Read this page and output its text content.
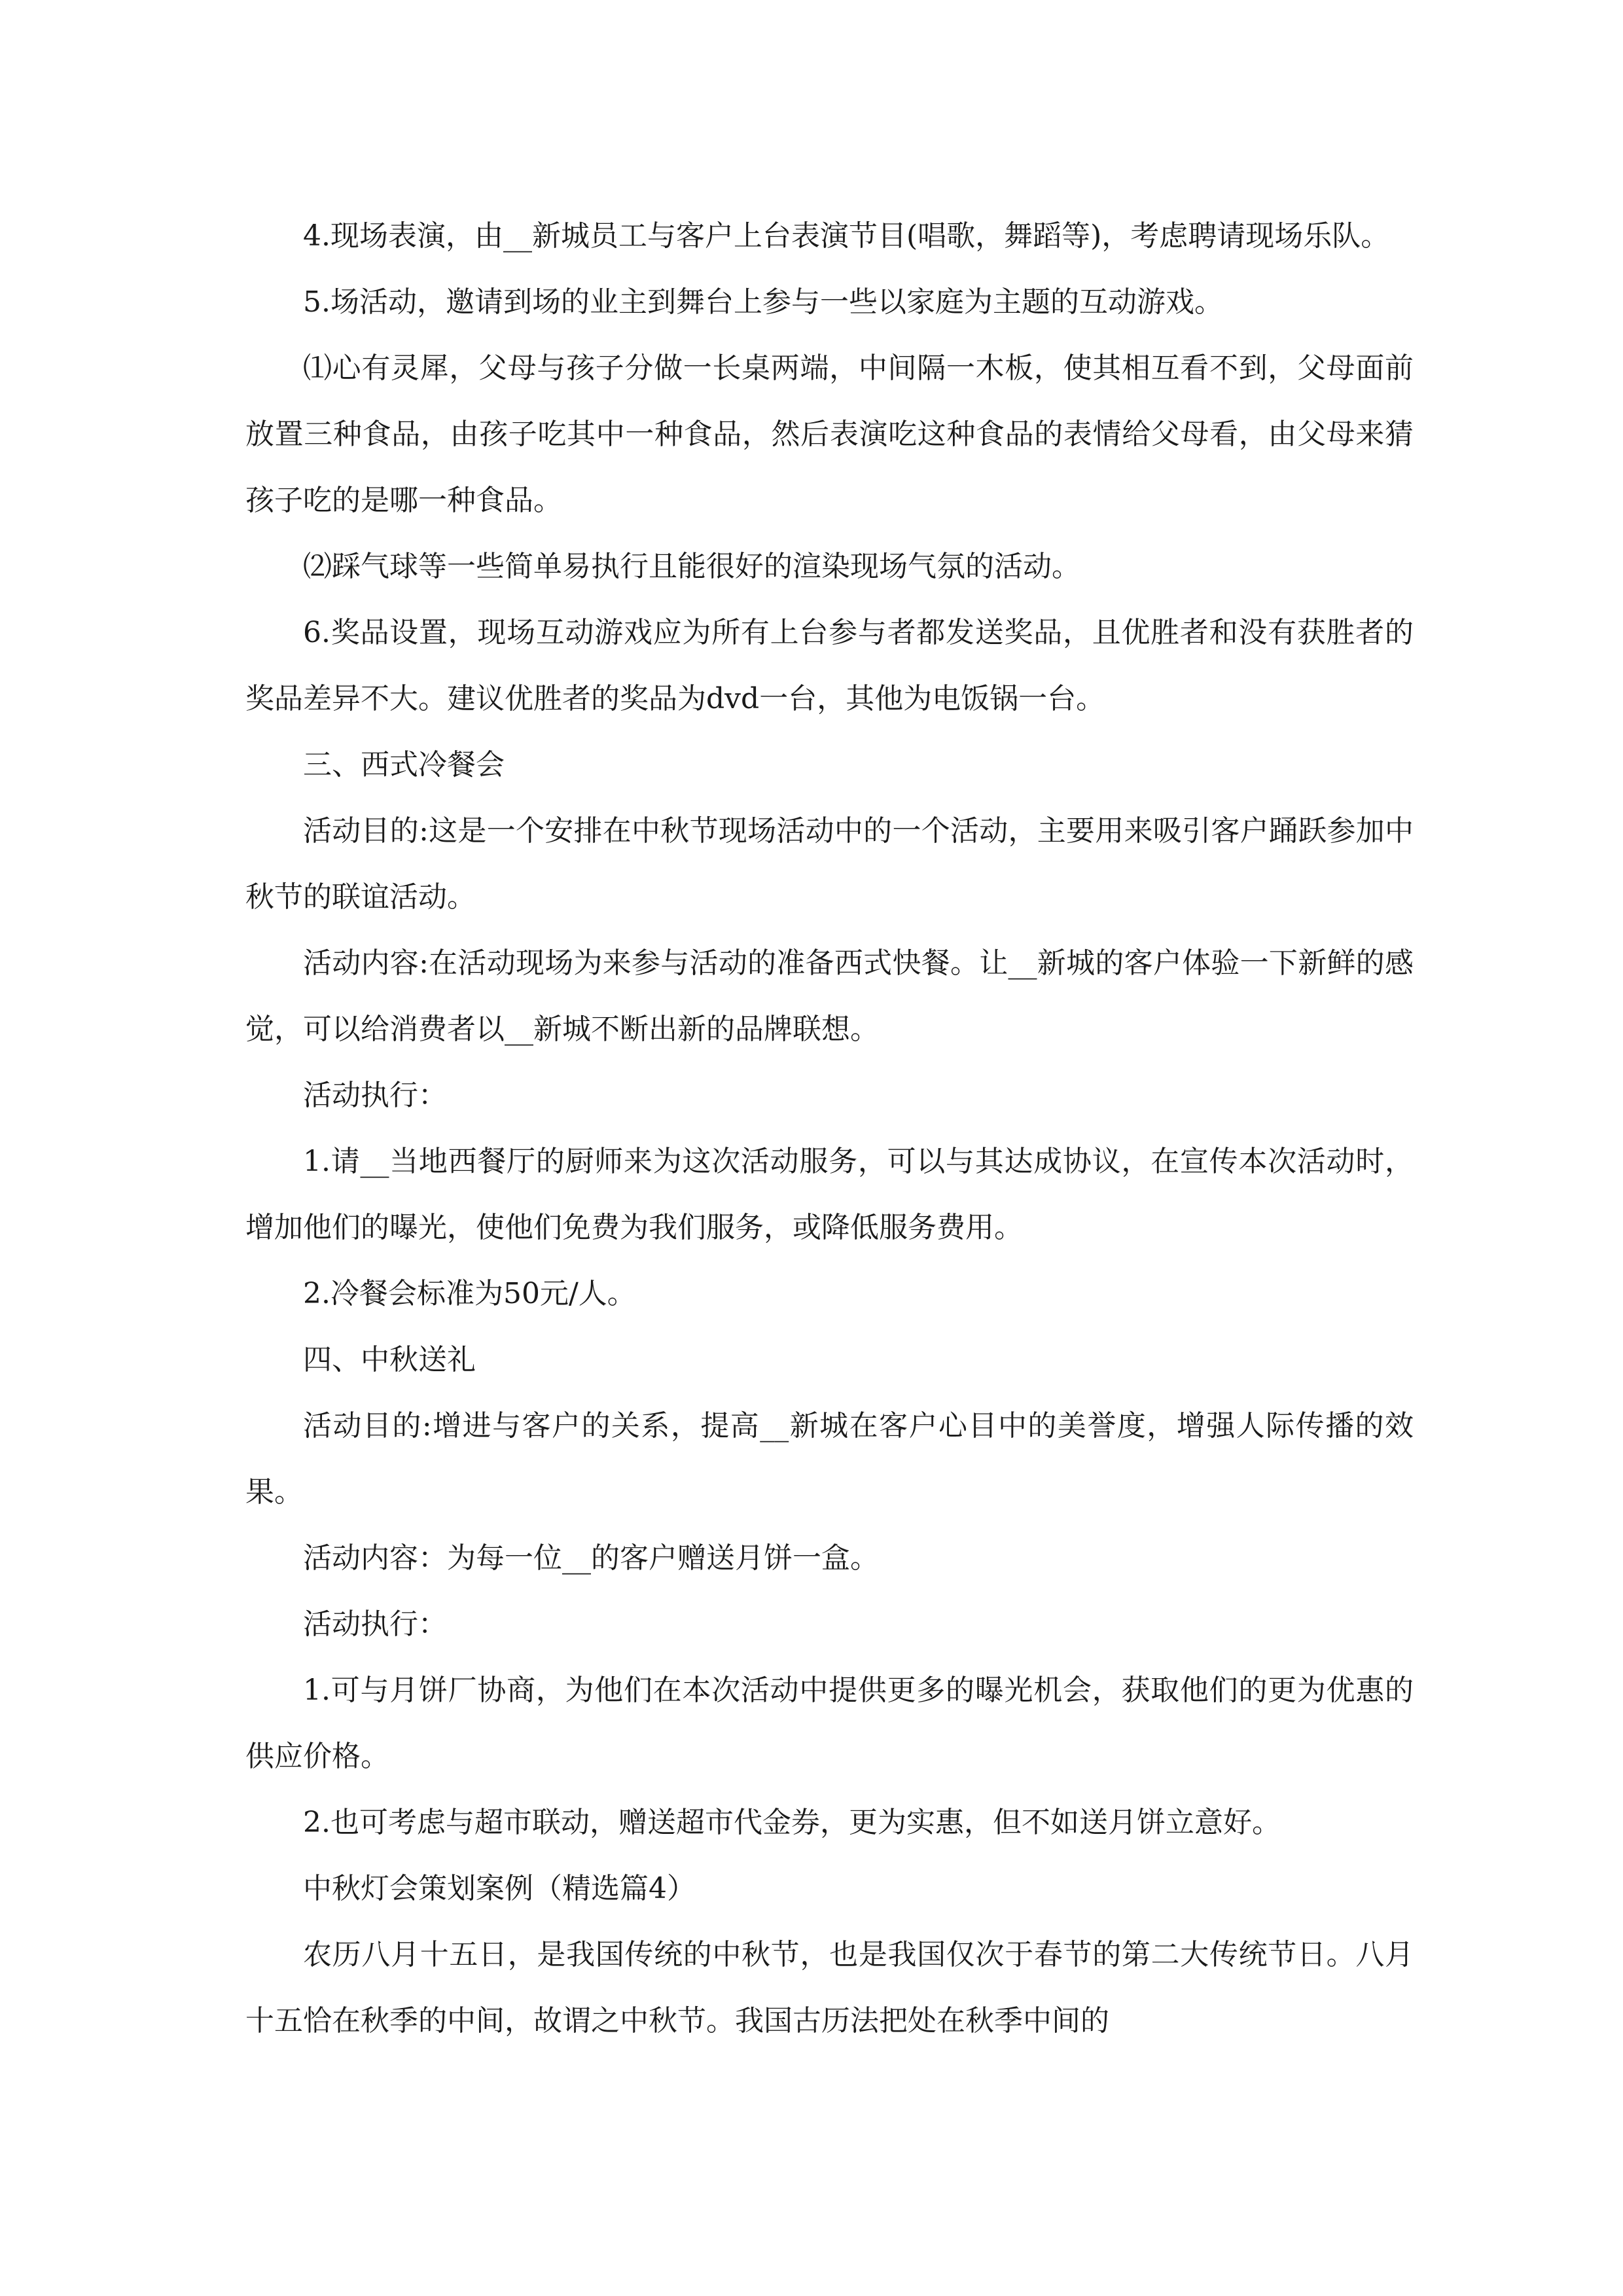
4.现场表演，由__新城员工与客户上台表演节目(唱歌，舞蹈等)，考虑聘请现场乐队。

5.场活动，邀请到场的业主到舞台上参与一些以家庭为主题的互动游戏。

⑴心有灵犀，父母与孩子分做一长桌两端，中间隔一木板，使其相互看不到，父母面前放置三种食品，由孩子吃其中一种食品，然后表演吃这种食品的表情给父母看，由父母来猜孩子吃的是哪一种食品。

⑵踩气球等一些简单易执行且能很好的渲染现场气氛的活动。

6.奖品设置，现场互动游戏应为所有上台参与者都发送奖品，且优胜者和没有获胜者的奖品差异不大。建议优胜者的奖品为dvd一台，其他为电饭锅一台。

三、西式冷餐会

活动目的:这是一个安排在中秋节现场活动中的一个活动，主要用来吸引客户踊跃参加中秋节的联谊活动。

活动内容:在活动现场为来参与活动的准备西式快餐。让__新城的客户体验一下新鲜的感觉，可以给消费者以__新城不断出新的品牌联想。

活动执行：

1.请__当地西餐厅的厨师来为这次活动服务，可以与其达成协议，在宣传本次活动时，增加他们的曝光，使他们免费为我们服务，或降低服务费用。

2.冷餐会标准为50元/人。

四、中秋送礼

活动目的:增进与客户的关系，提高__新城在客户心目中的美誉度，增强人际传播的效果。

活动内容：为每一位__的客户赠送月饼一盒。

活动执行：

1.可与月饼厂协商，为他们在本次活动中提供更多的曝光机会，获取他们的更为优惠的供应价格。

2.也可考虑与超市联动，赠送超市代金券，更为实惠，但不如送月饼立意好。

中秋灯会策划案例（精选篇4）

农历八月十五日，是我国传统的中秋节，也是我国仅次于春节的第二大传统节日。八月十五恰在秋季的中间，故谓之中秋节。我国古历法把处在秋季中间的
